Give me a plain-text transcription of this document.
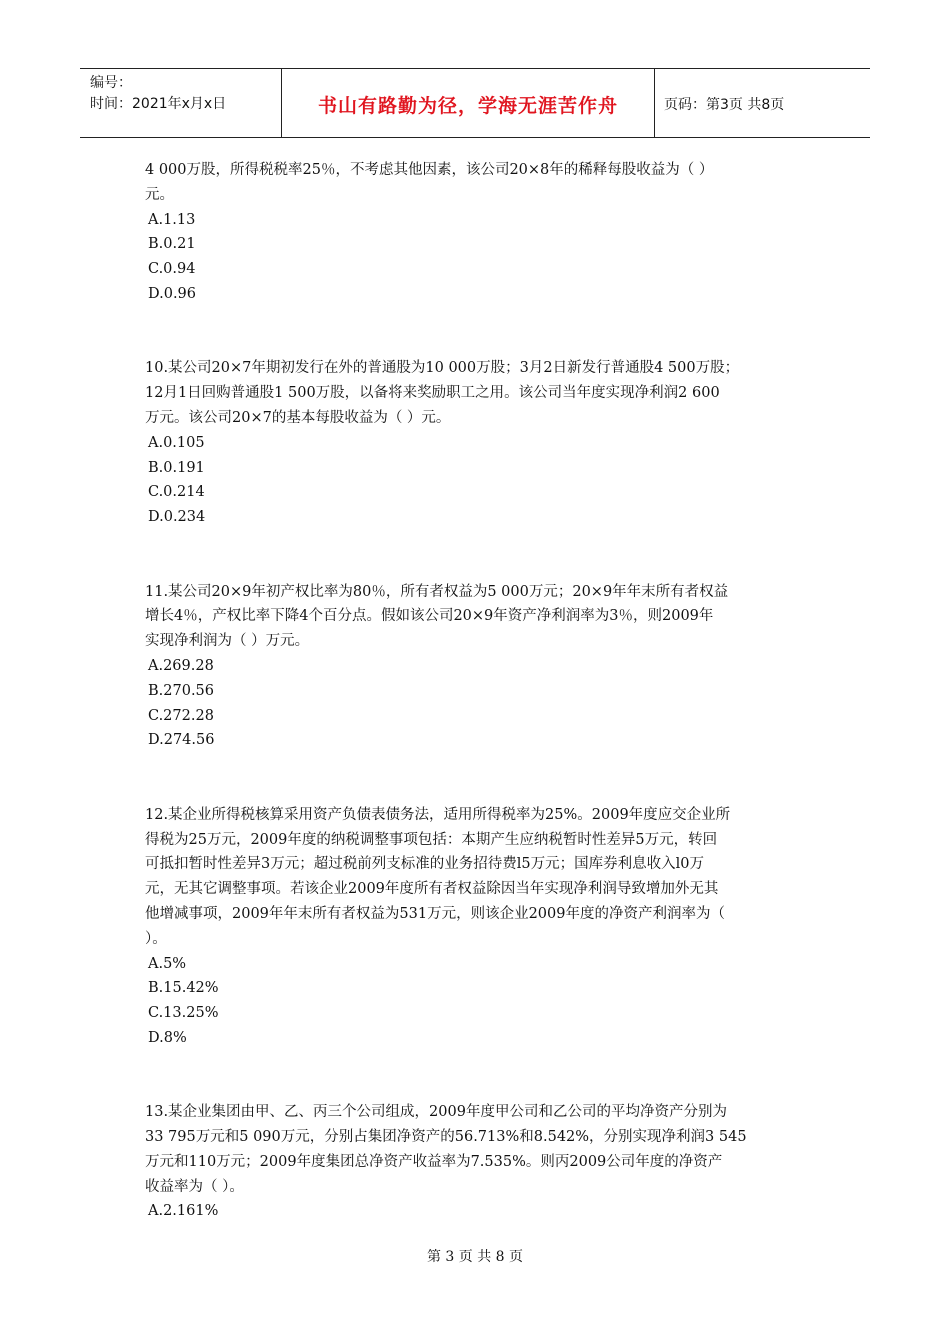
编号：
时间：2021年x月x日	书山有路勤为径，学海无涯苦作舟	页码：第3页 共8页
4 000万股，所得税税率25％，不考虑其他因素，该公司20×8年的稀释每股收益为（ ）
元。
A.1.13
B.0.21
C.0.94
D.0.96
10.某公司20×7年期初发行在外的普通股为10 000万股；3月2日新发行普通股4 500万股；
12月1日回购普通股1 500万股，以备将来奖励职工之用。该公司当年度实现净利润2 600
万元。该公司20×7的基本每股收益为（ ）元。
A.0.105
B.0.191
C.0.214
D.0.234
11.某公司20×9年初产权比率为80％，所有者权益为5 000万元；20×9年年末所有者权益
增长4％，产权比率下降4个百分点。假如该公司20×9年资产净利润率为3％，则2009年
实现净利润为（ ）万元。
A.269.28
B.270.56
C.272.28
D.274.56
12.某企业所得税核算采用资产负债表债务法，适用所得税率为25%。2009年度应交企业所
得税为25万元，2009年度的纳税调整事项包括：本期产生应纳税暂时性差异5万元，转回
可抵扣暂时性差异3万元；超过税前列支标准的业务招待费l5万元；国库券利息收入l0万
元，无其它调整事项。若该企业2009年度所有者权益除因当年实现净利润导致增加外无其
他增减事项，2009年年末所有者权益为531万元，则该企业2009年度的净资产利润率为（
）。
A.5%
B.15.42%
C.13.25%
D.8%
13.某企业集团由甲、乙、丙三个公司组成，2009年度甲公司和乙公司的平均净资产分别为
33 795万元和5 090万元，分别占集团净资产的56.713%和8.542%，分别实现净利润3 545
万元和110万元；2009年度集团总净资产收益率为7.535%。则丙2009公司年度的净资产
收益率为（ ）。
A.2.161%
第 3 页 共 8 页
